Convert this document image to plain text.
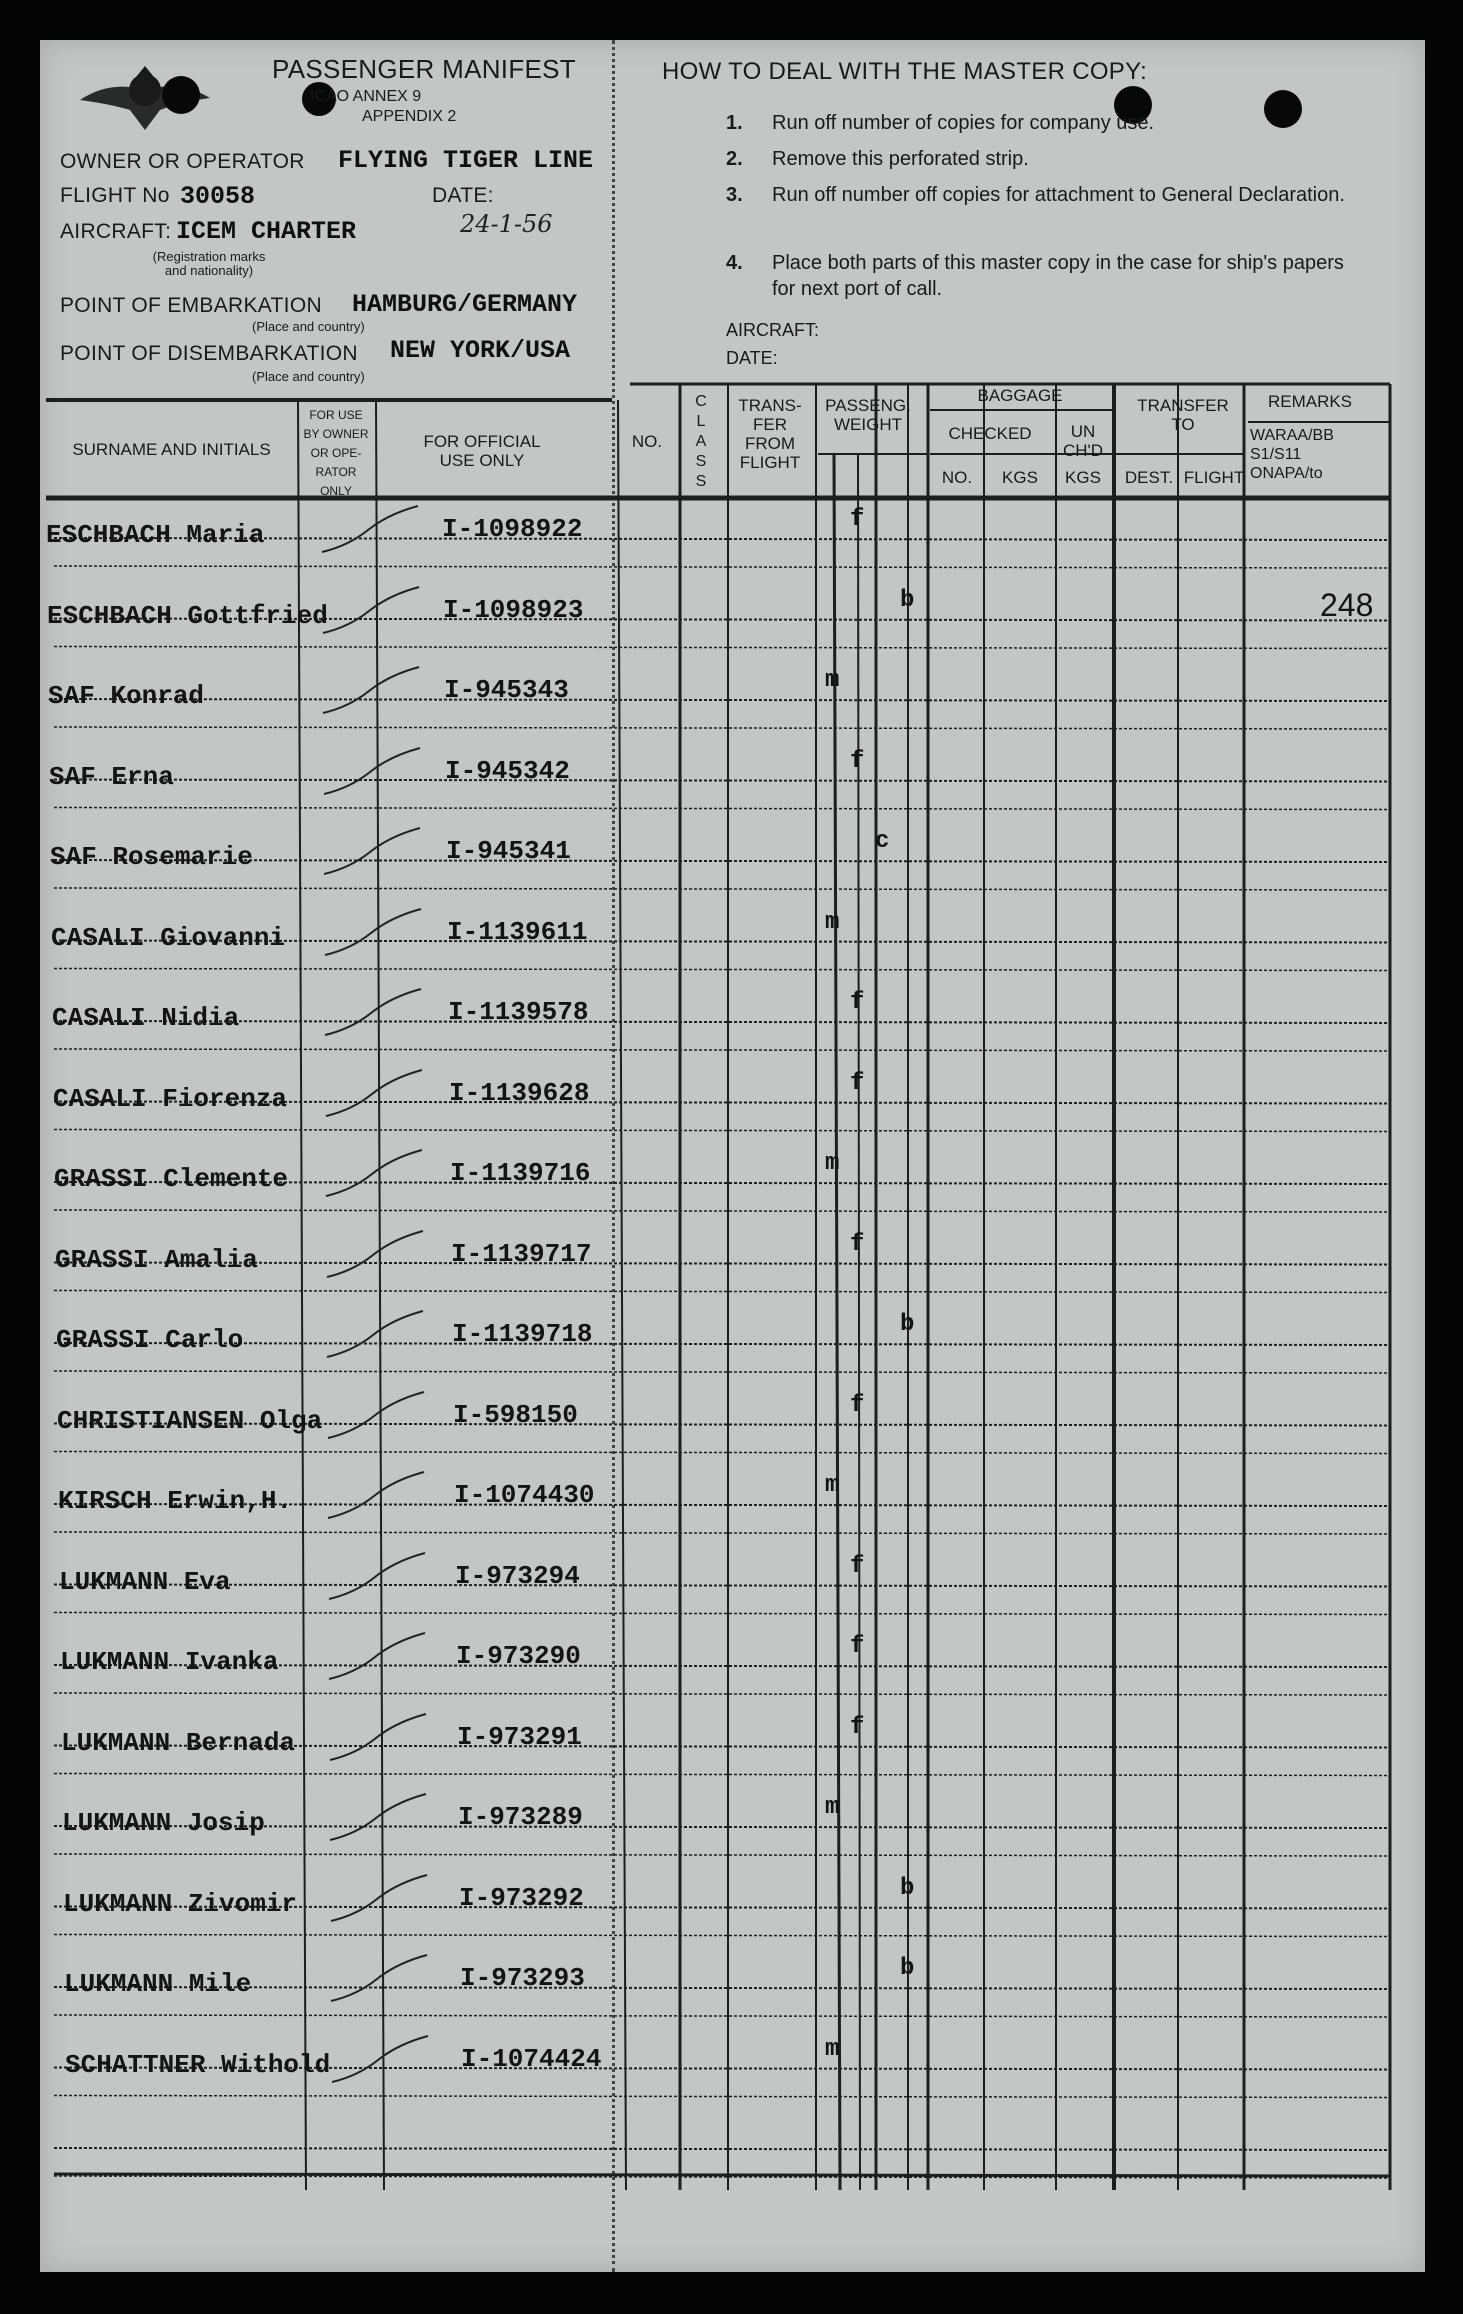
PASSENGER MANIFEST
ICAO ANNEX 9
APPENDIX 2
OWNER OR OPERATOR FLYING TIGER LINE
FLIGHT No 30058	DATE:
24-1-56
AIRCRAFT: ICEM CHARTER
(Registration marks and nationality)
POINT OF EMBARKATION HAMBURG/GERMANY
(Place and country)
POINT OF DISEMBARKATION NEW YORK/USA
(Place and country)
HOW TO DEAL WITH THE MASTER COPY:
1. Run off number of copies for company use.
2. Remove this perforated strip.
3. Run off number off copies for attachment to General Declaration.
4. Place both parts of this master copy in the case for ship's papers for next port of call.
AIRCRAFT:
DATE:
SURNAME AND INITIALS
FOR USE BY OWNER OR OPE-RATOR ONLY
FOR OFFICIAL USE ONLY
NO.
CLASS
TRANS-FER FROM FLIGHT
PASSENG. WEIGHT
BAGGAGE
CHECKED	UN CH'D
NO.	KGS	KGS
TRANSFER TO
DEST. FLIGHT
REMARKS
WARAA/BB S1/S11 ONAPA/to
ESCHBACH Maria	I-1098922	f
ESCHBACH Gottfried	I-1098923	b	248
SAF Konrad	I-945343	m
SAF Erna	I-945342	f
SAF Rosemarie	I-945341	c
CASALI Giovanni	I-1139611	m
CASALI Nidia	I-1139578	f
CASALI Fiorenza	I-1139628	f
GRASSI Clemente	I-1139716	m
GRASSI Amalia	I-1139717	f
GRASSI Carlo	I-1139718	b
CHRISTIANSEN Olga	I-598150	f
KIRSCH Erwin,H.	I-1074430	m
LUKMANN Eva	I-973294	f
LUKMANN Ivanka	I-973290	f
LUKMANN Bernada	I-973291	f
LUKMANN Josip	I-973289	m
LUKMANN Zivomir	I-973292	b
LUKMANN Mile	I-973293	b
SCHATTNER Withold	I-1074424	m
